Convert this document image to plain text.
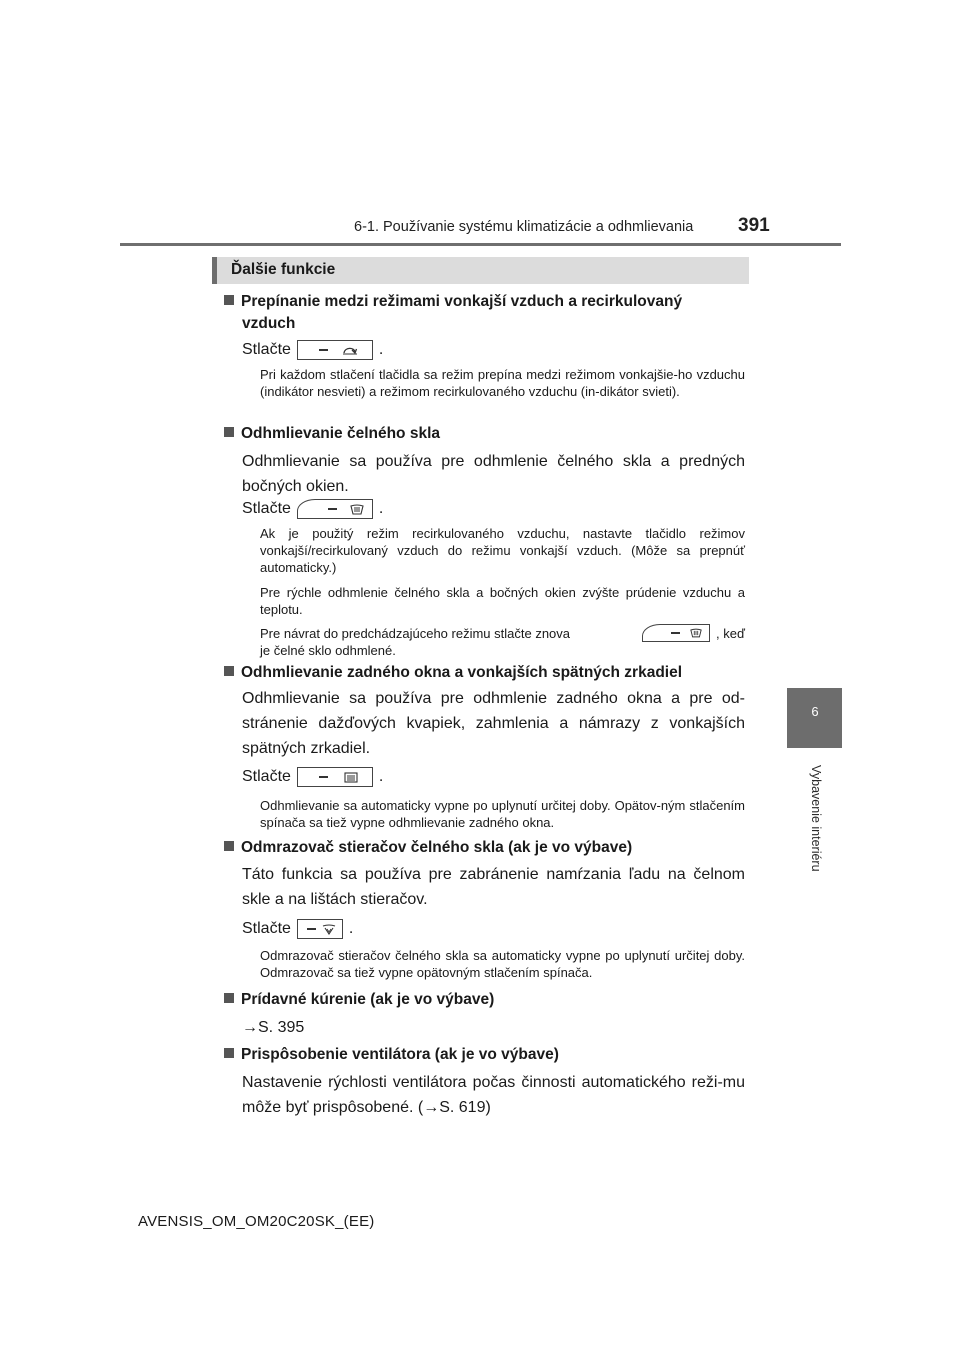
6-1. Používanie systému klimatizácie a odhmlievania 391
6
Vybavenie interiéru
Ďalšie funkcie
Prepínanie medzi režimami vonkajší vzduch a recirkulovaný
vzduch
Stlačte	.
Pri každom stlačení tlačidla sa režim prepína medzi režimom vonkajšie-ho vzduchu (indikátor nesvieti) a režimom recirkulovaného vzduchu (in-dikátor svieti).
Odhmlievanie čelného skla
Odhmlievanie sa používa pre odhmlenie čelného skla a predných bočných okien.
Stlačte	.
Ak je použitý režim recirkulovaného vzduchu, nastavte tlačidlo režimov vonkajší/recirkulovaný vzduch do režimu vonkajší vzduch. (Môže sa prepnúť automaticky.)
Pre rýchle odhmlenie čelného skla a bočných okien zvýšte prúdenie vzduchu a teplotu.
Pre návrat do predchádzajúceho režimu stlačte znova	, keď
je čelné sklo odhmlené.
Odhmlievanie zadného okna a vonkajších spätných zrkadiel
Odhmlievanie sa používa pre odhmlenie zadného okna a pre od-stránenie dažďových kvapiek, zahmlenia a námrazy z vonkajších spätných zrkadiel.
Stlačte	.
Odhmlievanie sa automaticky vypne po uplynutí určitej doby. Opätov-ným stlačením spínača sa tiež vypne odhmlievanie zadného okna.
Odmrazovač stieračov čelného skla (ak je vo výbave)
Táto funkcia sa používa pre zabránenie namŕzania ľadu na čelnom skle a na lištách stieračov.
Stlačte	.
Odmrazovač stieračov čelného skla sa automaticky vypne po uplynutí určitej doby. Odmrazovač sa tiež vypne opätovným stlačením spínača.
Prídavné kúrenie (ak je vo výbave)
→S. 395
Prispôsobenie ventilátora (ak je vo výbave)
Nastavenie rýchlosti ventilátora počas činnosti automatického reži-mu môže byť prispôsobené. (→S. 619)
AVENSIS_OM_OM20C20SK_(EE)
